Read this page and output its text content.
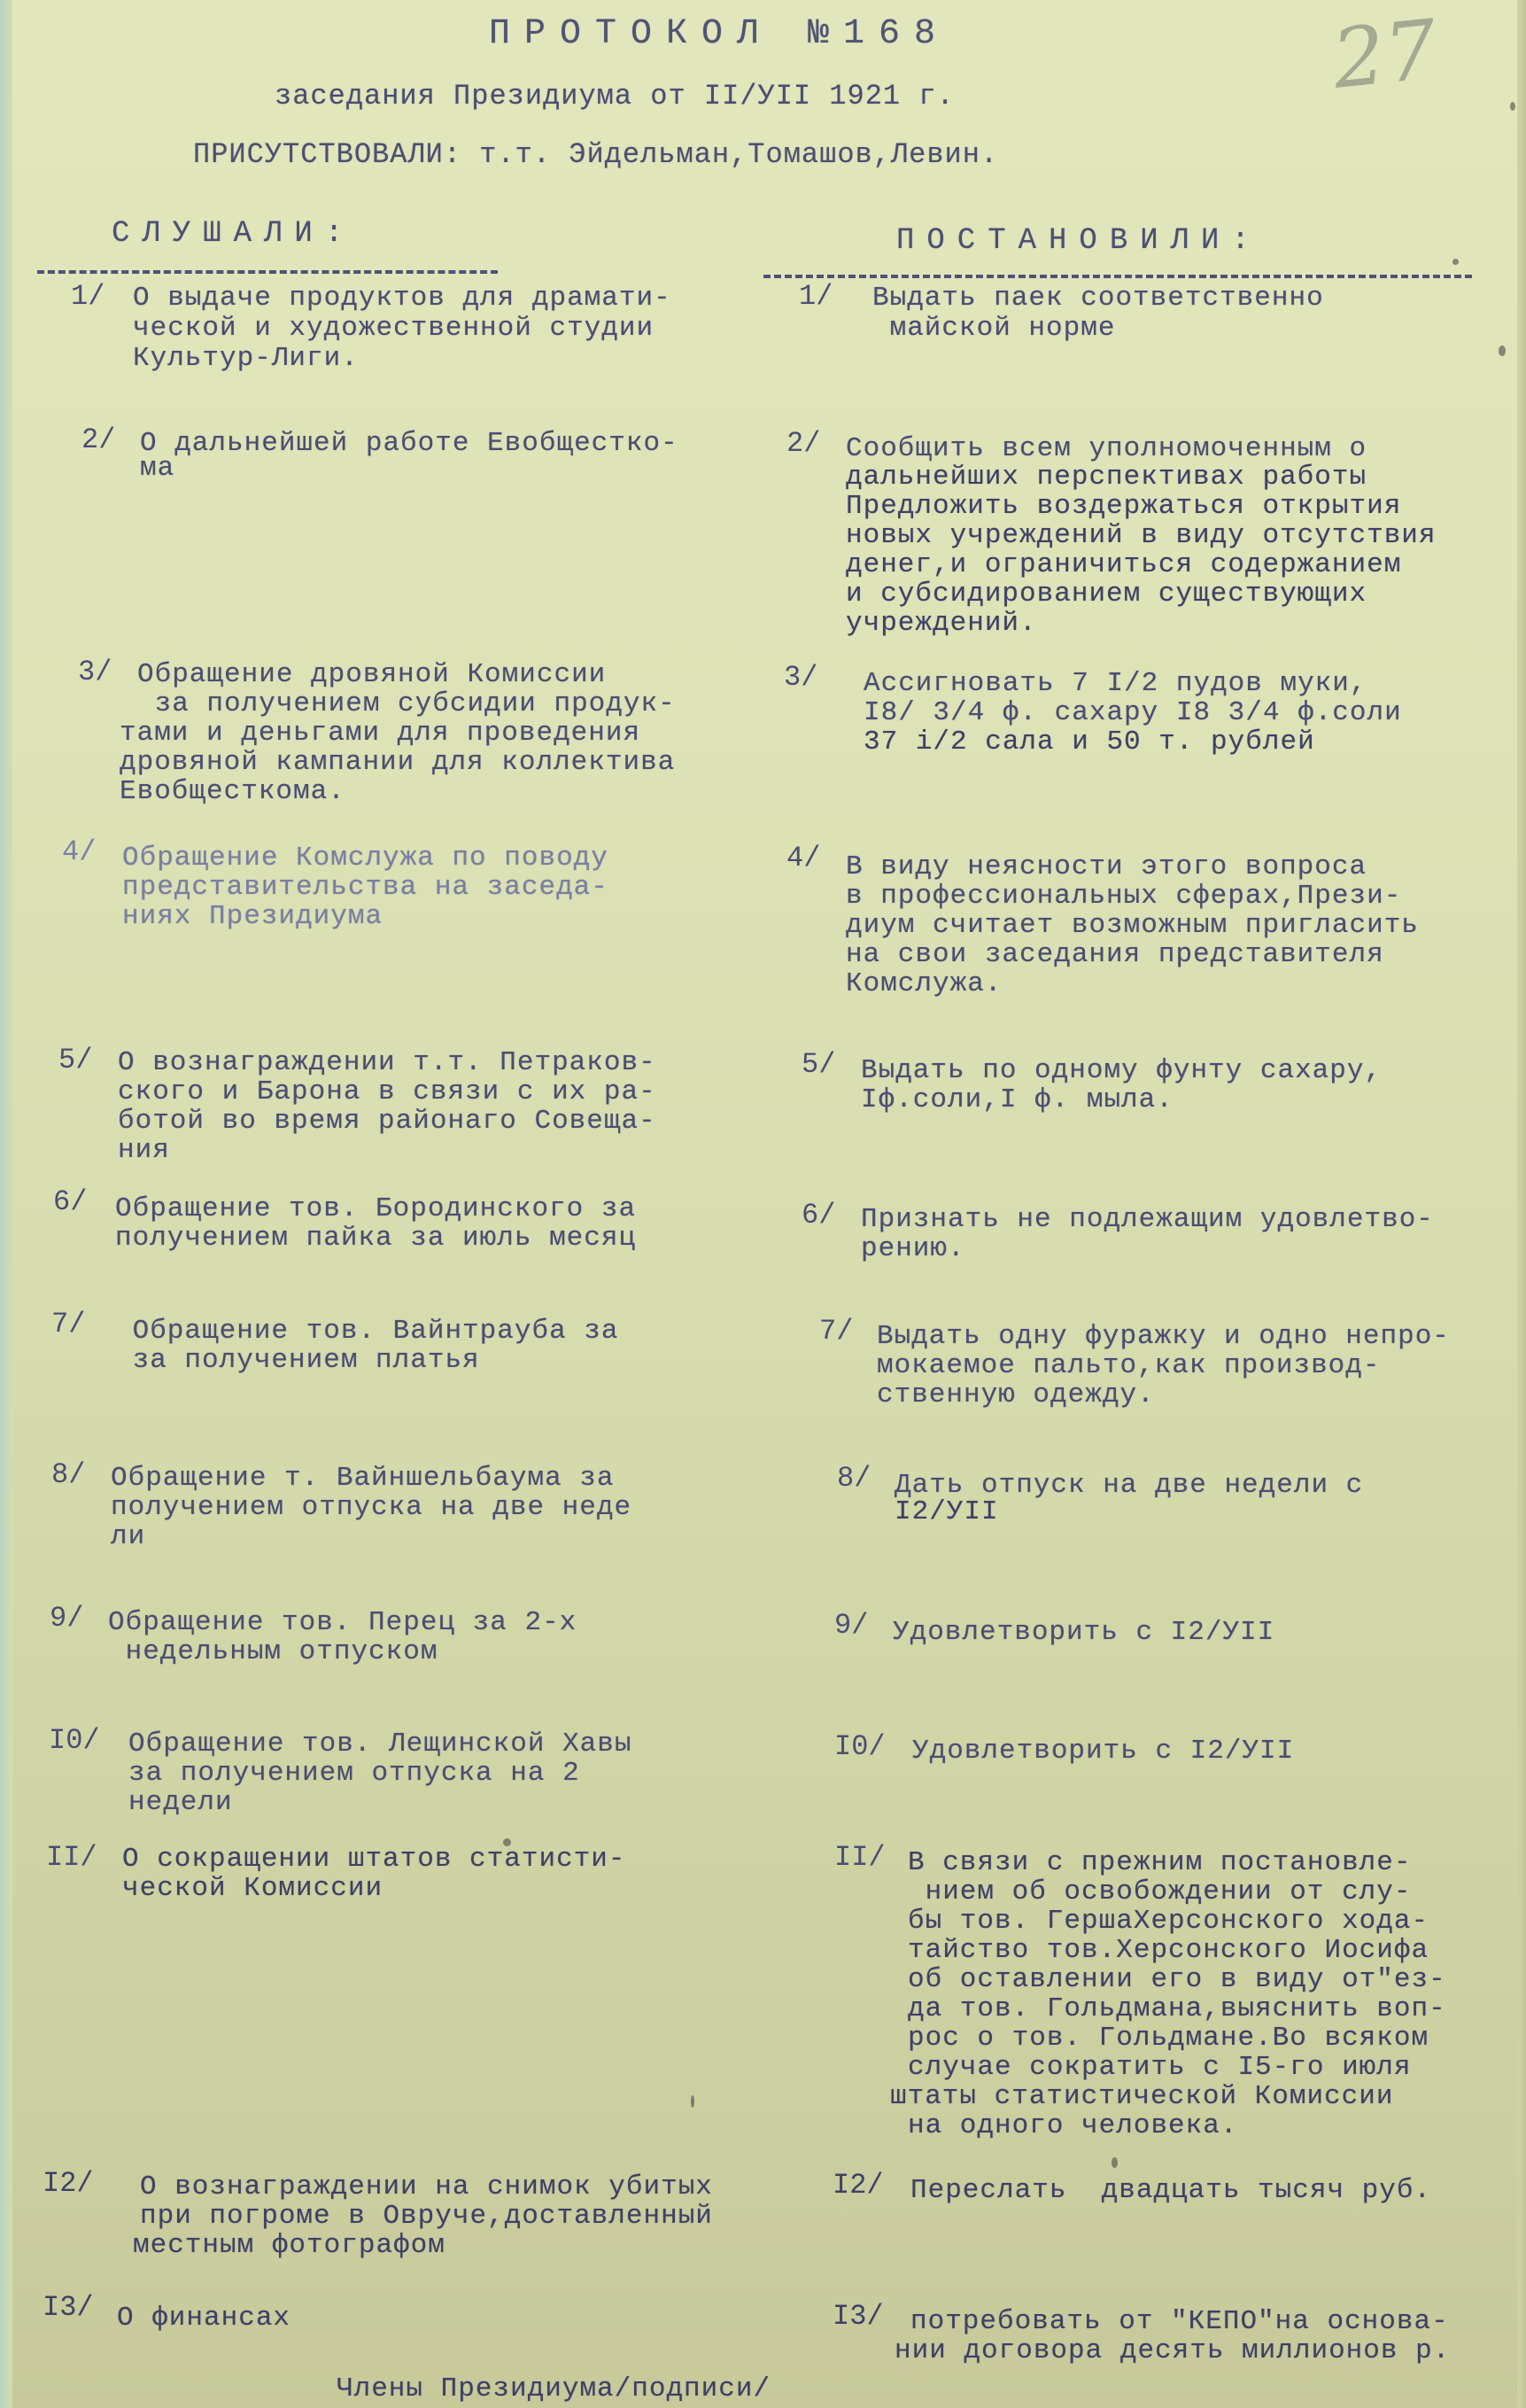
27
ПРОТОКОЛ №168
заседания Президиума от II/УII 1921 г.
ПРИСУТСТВОВАЛИ: т.т. Эйдельман,Томашов,Левин.
СЛУШАЛИ:	ПОСТАНОВИЛИ:
1/ О выдаче продуктов для драмати-
ческой и художественной студии
Культур-Лиги.
1/ Выдать паек соответственно
майской норме
2/ О дальнейшей работе Евобщестко-
ма
2/ Сообщить всем уполномоченным о
дальнейших перспективах работы
Предложить воздержаться открытия
новых учреждений в виду отсутствия
денег,и ограничиться содержанием
и субсидированием существующих
учреждений.
3/ Обращение дровяной Комиссии
за получением субсидии продук-
тами и деньгами для проведения
дровяной кампании для коллектива
Евобщесткома.
3/ Ассигновать 7 I/2 пудов муки,
I8/ 3/4 ф. сахару I8 3/4 ф.соли
37 i/2 сала и 50 т. рублей
4/ Обращение Комслужа по поводу
представительства на заседа-
ниях Президиума
4/ В виду неясности этого вопроса
в профессиональных сферах,Прези-
диум считает возможным пригласить
на свои заседания представителя
Комслужа.
5/ О вознаграждении т.т. Петраков-
ского и Барона в связи с их ра-
ботой во время районаго Совеща-
ния
5/ Выдать по одному фунту сахару,
Iф.соли,I ф. мыла.
6/ Обращение тов. Бородинского за
получением пайка за июль месяц
6/ Признать не подлежащим удовлетво-
рению.
7/ Обращение тов. Вайнтрауба за
за получением платья
7/ Выдать одну фуражку и одно непро-
мокаемое пальто,как производ-
ственную одежду.
8/ Обращение т. Вайншельбаума за
получением отпуска на две неде
ли
8/ Дать отпуск на две недели с
I2/УII
9/ Обращение тов. Перец за 2-х
недельным отпуском
9/ Удовлетворить с I2/УII
I0/ Обращение тов. Лещинской Хавы
за получением отпуска на 2
недели
I0/ Удовлетворить с I2/УII
II/ О сокращении штатов статисти-
ческой Комиссии
II/ В связи с прежним постановле-
нием об освобождении от слу-
бы тов. ГершаХерсонского хода-
тайство тов.Херсонского Иосифа
об оставлении его в виду от"ез-
да тов. Гольдмана,выяснить воп-
рос о тов. Гольдмане.Во всяком
случае сократить с I5-го июля
штаты статистической Комиссии
на одного человека.
I2/ О вознаграждении на снимок убитых
при погроме в Овруче,доставленный
местным фотографом
I2/ Переслать  двадцать тысяч руб.
I3/ О финансах	I3/ потребовать от "КЕПО"на основа-
нии договора десять миллионов р.
Члены Президиума/подписи/
